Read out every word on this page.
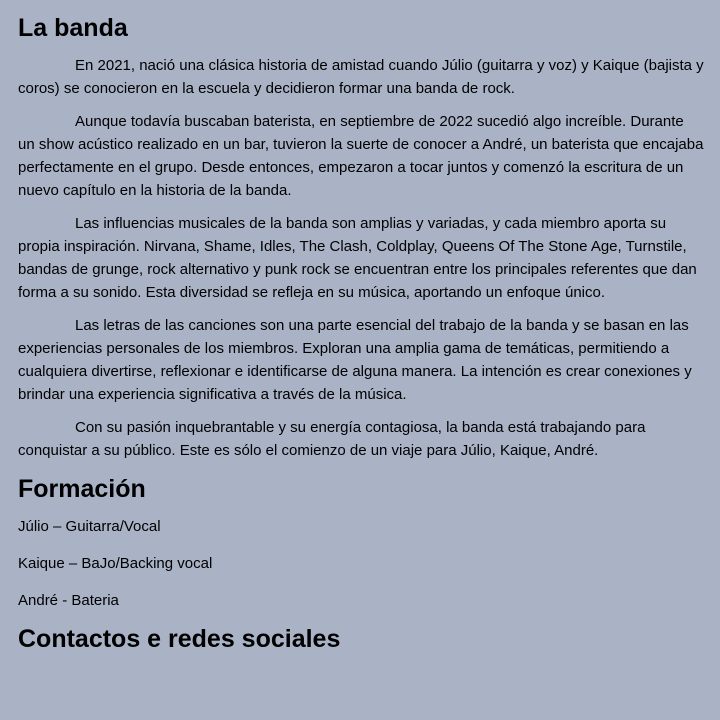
La banda

En 2021, nació una clásica historia de amistad cuando Júlio (guitarra y voz) y Kaique (bajista y coros) se conocieron en la escuela y decidieron formar una banda de rock.

Aunque todavía buscaban baterista, en septiembre de 2022 sucedió algo increíble. Durante un show acústico realizado en un bar, tuvieron la suerte de conocer a André, un baterista que encajaba perfectamente en el grupo. Desde entonces, empezaron a tocar juntos y comenzó la escritura de un nuevo capítulo en la historia de la banda.

Las influencias musicales de la banda son amplias y variadas, y cada miembro aporta su propia inspiración. Nirvana, Shame, Idles, The Clash, Coldplay, Queens Of The Stone Age, Turnstile, bandas de grunge, rock alternativo y punk rock se encuentran entre los principales referentes que dan forma a su sonido. Esta diversidad se refleja en su música, aportando un enfoque único.

Las letras de las canciones son una parte esencial del trabajo de la banda y se basan en las experiencias personales de los miembros. Exploran una amplia gama de temáticas, permitiendo a cualquiera divertirse, reflexionar e identificarse de alguna manera. La intención es crear conexiones y brindar una experiencia significativa a través de la música.

Con su pasión inquebrantable y su energía contagiosa, la banda está trabajando para conquistar a su público. Este es sólo el comienzo de un viaje para Júlio, Kaique, André.

Formación

Júlio – Guitarra/Vocal

Kaique – BaJo/Backing vocal

André - Bateria

Contactos e redes sociales
